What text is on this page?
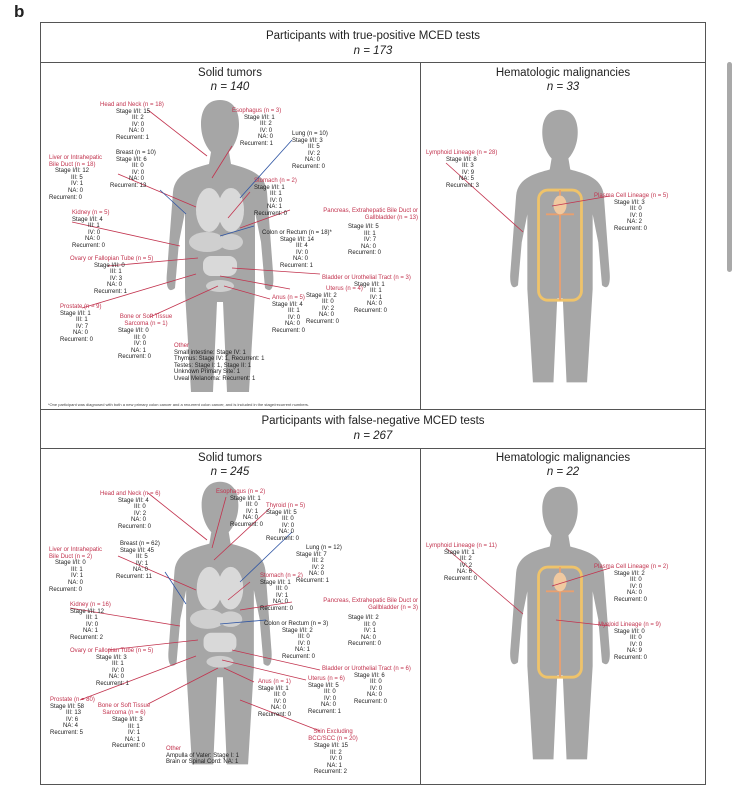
b
Participants with true-positive MCED tests
n = 173
Solid tumors
n = 140
Hematologic malignancies
n = 33
Participants with false-negative MCED tests
n = 267
Solid tumors
n = 245
Hematologic malignancies
n = 22
Head and Neck (n = 18)
Stage I/II: 15
III: 2
IV: 0
NA: 0
Recurrent: 1
Esophagus (n = 3)
Stage I/II: 1
III: 2
IV: 0
NA: 0
Recurrent: 1
Lung (n = 10)
Stage I/II: 3
III: 5
IV: 2
NA: 0
Recurrent: 0
Breast (n = 10)
Stage I/II: 6
III: 0
IV: 0
NA: 0
Recurrent: 13
Liver or Intrahepatic Bile Duct (n = 18)
Stage I/II: 12
III: 5
IV: 1
NA: 0
Recurrent: 0
Stomach (n = 2)
Stage I/II: 1
III: 1
IV: 0
NA: 1
Recurrent: 0	Pancreas, Extrahepatic Bile Duct or Gallbladder (n = 13)
Stage I/II: 5
III: 1
IV: 7
NA: 0
Recurrent: 0
Kidney (n = 5)
Stage I/II: 4
III: 1
IV: 0
NA: 0
Recurrent: 0
Colon or Rectum (n = 18)*
Stage I/II: 14
III: 4
IV: 0
NA: 0
Recurrent: 1
Ovary or Fallopian Tube (n = 5)
Stage I/II: 0
III: 1
IV: 3
NA: 0
Recurrent: 1
Bladder or Urothelial Tract (n = 3)
Stage I/II: 1
III: 1
IV: 1
NA: 0
Recurrent: 0
Uterus (n = 4)
Stage I/II: 2
III: 0
IV: 2
NA: 0
Recurrent: 0
Anus (n = 5)
Stage I/II: 4
III: 1
IV: 0
NA: 0
Recurrent: 0
Prostate (n = 9)
Stage I/II: 1
III: 1
IV: 7
NA: 0
Recurrent: 0
Bone or Soft Tissue Sarcoma (n = 1)
Stage I/II: 0
III: 0
IV: 0
NA: 1
Recurrent: 0
Other
Small intestine: Stage IV: 1
Thymus: Stage IV: 1, Recurrent: 1
Testes: Stage I: 1, Stage II: 1
Unknown Primary Site: 1
Uveal Melanoma: Recurrent: 1
*One participant was diagnosed with both a new primary colon cancer and a recurrent colon cancer, and is included in the stage/recurrent numbers.
Lymphoid Lineage (n = 28)
Stage I/II: 8
III: 3
IV: 9
NA: 5
Recurrent: 3
Plasma Cell Lineage (n = 5)
Stage I/II: 3
III: 0
IV: 0
NA: 2
Recurrent: 0
Head and Neck (n = 6)
Stage I/II: 4
III: 0
IV: 2
NA: 0
Recurrent: 0
Esophagus (n = 2)
Stage I/II: 1
III: 0
IV: 1
NA: 0
Recurrent: 0
Thyroid (n = 5)
Stage I/II: 5
III: 0
IV: 0
NA: 0
Recurrent: 0
Breast (n = 62)
Stage I/II: 45
III: 5
IV: 1
NA: 0
Recurrent: 11
Lung (n = 12)
Stage I/II: 7
III: 2
IV: 2
NA: 0
Recurrent: 1
Liver or Intrahepatic Bile Duct (n = 2)
Stage I/II: 0
III: 1
IV: 1
NA: 0
Recurrent: 0
Stomach (n = 2)
Stage I/II: 1
III: 0
IV: 1
NA: 0
Recurrent: 0
Kidney (n = 16)
Stage I/II: 12
III: 1
IV: 0
NA: 1
Recurrent: 2
Pancreas, Extrahepatic Bile Duct or Gallbladder (n = 3)
Stage I/II: 2
III: 0
IV: 1
NA: 0
Recurrent: 0
Colon or Rectum (n = 3)
Stage I/II: 2
III: 0
IV: 0
NA: 1
Recurrent: 0
Ovary or Fallopian Tube (n = 5)
Stage I/II: 3
III: 1
IV: 0
NA: 0
Recurrent: 1
Bladder or Urothelial Tract (n = 6)
Stage I/II: 6
III: 0
IV: 0
NA: 0
Recurrent: 0
Uterus (n = 6)
Stage I/II: 5
III: 0
IV: 0
NA: 0
Recurrent: 1
Anus (n = 1)
Stage I/II: 1
III: 0
IV: 0
NA: 0
Recurrent: 0
Prostate (n = 80)
Stage I/II: 58
III: 13
IV: 6
NA: 4
Recurrent: 5
Bone or Soft Tissue Sarcoma (n = 6)
Stage I/II: 3
III: 1
IV: 1
NA: 1
Recurrent: 0
Skin Excluding BCC/SCC (n = 20)
Stage I/II: 15
III: 2
IV: 0
NA: 1
Recurrent: 2
Other
Ampulla of Vater: Stage I: 1
Brain or Spinal Cord: NA: 1
Lymphoid Lineage (n = 11)
Stage I/II: 1
III: 2
IV: 2
NA: 6
Recurrent: 0
Plasma Cell Lineage (n = 2)
Stage I/II: 2
III: 0
IV: 0
NA: 0
Recurrent: 0
Myeloid Lineage (n = 9)
Stage I/II: 0
III: 0
IV: 0
NA: 9
Recurrent: 0
